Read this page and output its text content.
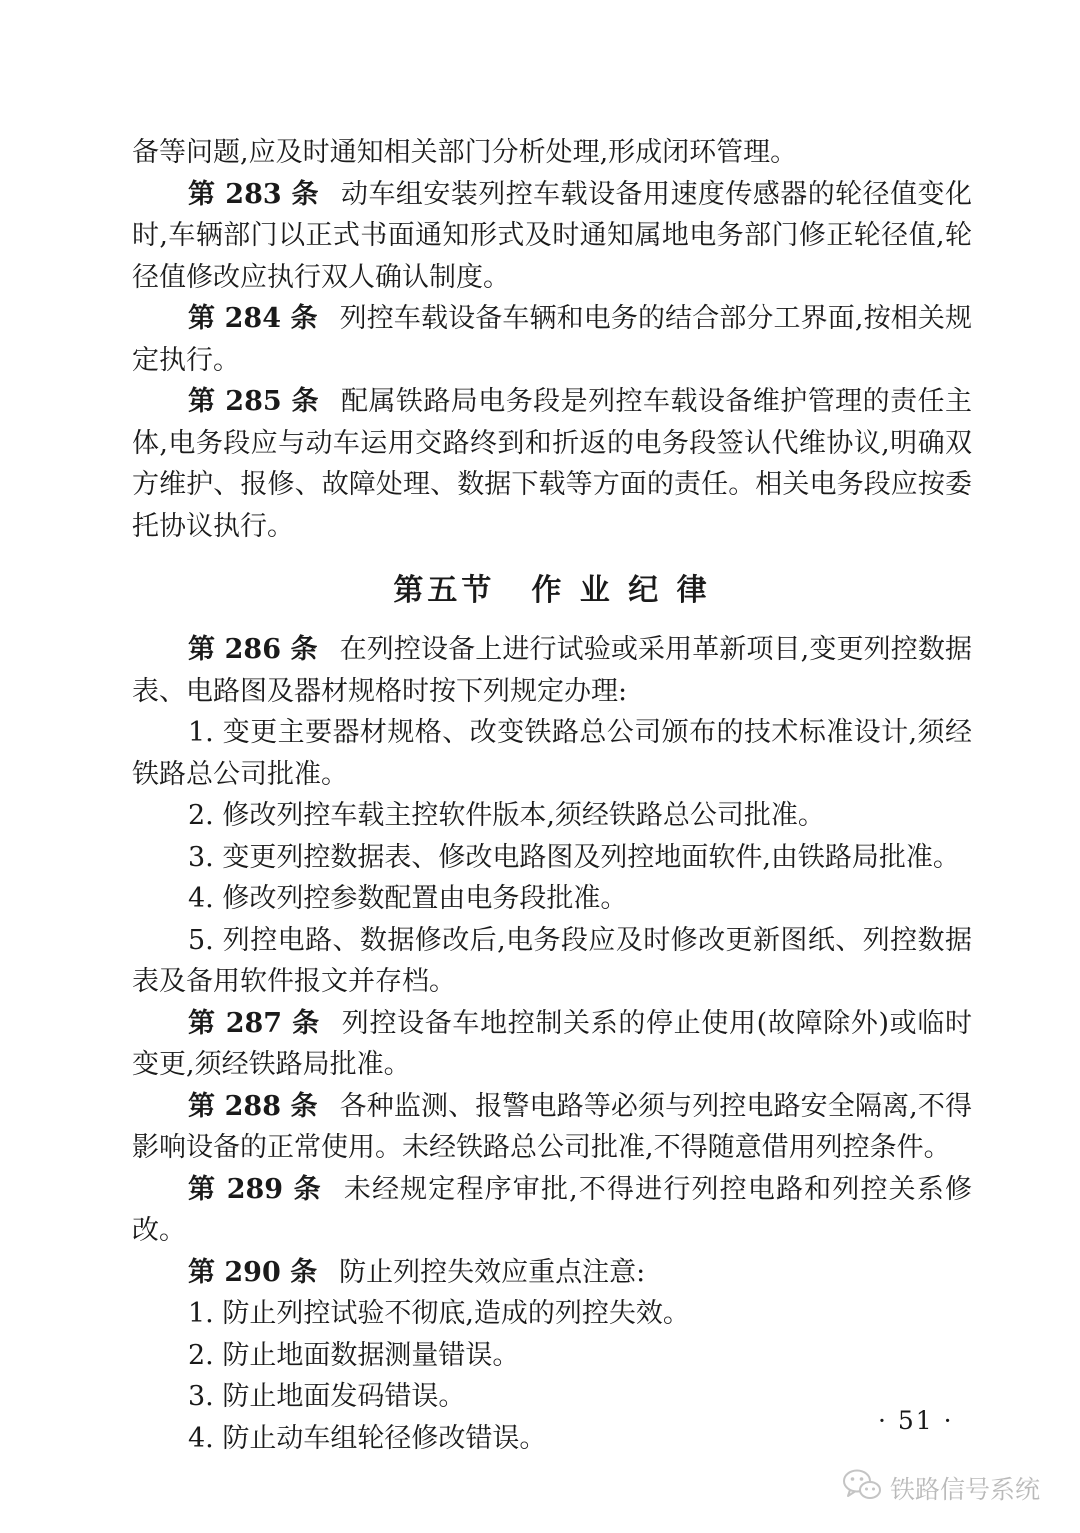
备等问题,应及时通知相关部门分析处理,形成闭环管理。

第 283 条 动车组安装列控车载设备用速度传感器的轮径值变化时,车辆部门以正式书面通知形式及时通知属地电务部门修正轮径值,轮径值修改应执行双人确认制度。

第 284 条 列控车载设备车辆和电务的结合部分工界面,按相关规定执行。

第 285 条 配属铁路局电务段是列控车载设备维护管理的责任主体,电务段应与动车运用交路终到和折返的电务段签认代维协议,明确双方维护、报修、故障处理、数据下载等方面的责任。相关电务段应按委托协议执行。

第五节 作 业 纪 律

第 286 条 在列控设备上进行试验或采用革新项目,变更列控数据表、电路图及器材规格时按下列规定办理:

1. 变更主要器材规格、改变铁路总公司颁布的技术标准设计,须经铁路总公司批准。

2. 修改列控车载主控软件版本,须经铁路总公司批准。

3. 变更列控数据表、修改电路图及列控地面软件,由铁路局批准。

4. 修改列控参数配置由电务段批准。

5. 列控电路、数据修改后,电务段应及时修改更新图纸、列控数据表及备用软件报文并存档。

第 287 条 列控设备车地控制关系的停止使用(故障除外)或临时变更,须经铁路局批准。

第 288 条 各种监测、报警电路等必须与列控电路安全隔离,不得影响设备的正常使用。未经铁路总公司批准,不得随意借用列控条件。

第 289 条 未经规定程序审批,不得进行列控电路和列控关系修改。

第 290 条 防止列控失效应重点注意:

1. 防止列控试验不彻底,造成的列控失效。

2. 防止地面数据测量错误。

3. 防止地面发码错误。

4. 防止动车组轮径修改错误。

· 51 ·
铁路信号系统
